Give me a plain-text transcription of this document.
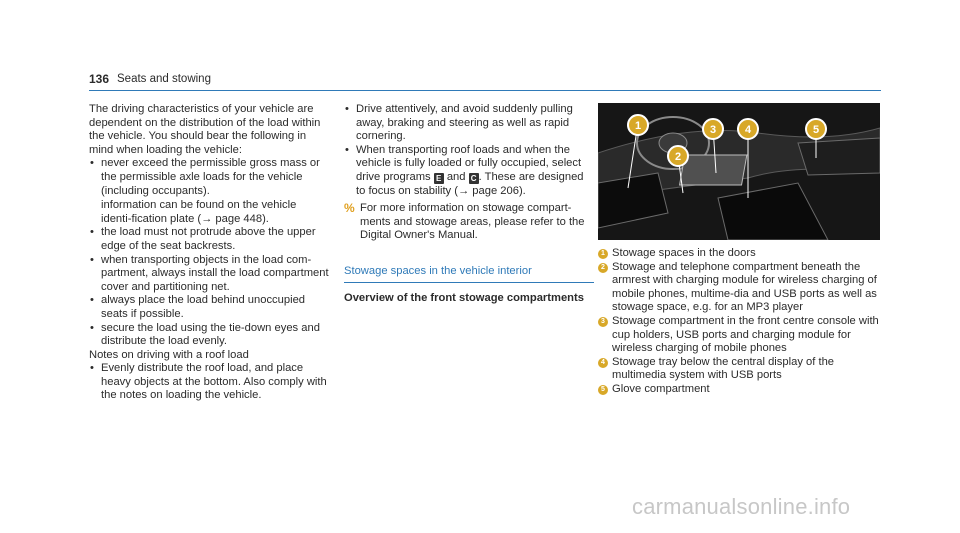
136 Seats and stowing

The driving characteristics of your vehicle are dependent on the distribution of the load within the vehicle. You should bear the following in mind when loading the vehicle:

• never exceed the permissible gross mass or the permissible axle loads for the vehicle (including occupants).
information can be found on the vehicle identi-fication plate (→ page 448).
• the load must not protrude above the upper edge of the seat backrests.
• when transporting objects in the load com-partment, always install the load compartment cover and partitioning net.
• always place the load behind unoccupied seats if possible.
• secure the load using the tie-down eyes and distribute the load evenly.

Notes on driving with a roof load

• Evenly distribute the roof load, and place heavy objects at the bottom. Also comply with the notes on loading the vehicle.
• Drive attentively, and avoid suddenly pulling away, braking and steering as well as rapid cornering.
• When transporting roof loads and when the vehicle is fully loaded or fully occupied, select drive programs E and C . These are designed to focus on stability (→ page 206).
% For more information on stowage compart-ments and stowage areas, please refer to the Digital Owner's Manual.
Stowage spaces in the vehicle interior
Overview of the front stowage compartments
1
2
3	4	5
1 Stowage spaces in the doors
2 Stowage and telephone compartment beneath the armrest with charging module for wireless charging of mobile phones, multime-dia and USB ports as well as stowage space, e.g. for an MP3 player
3 Stowage compartment in the front centre console with cup holders, USB ports and charging module for wireless charging of mobile phones
4 Stowage tray below the central display of the multimedia system with USB ports
5 Glove compartment
carmanualsonline.info
